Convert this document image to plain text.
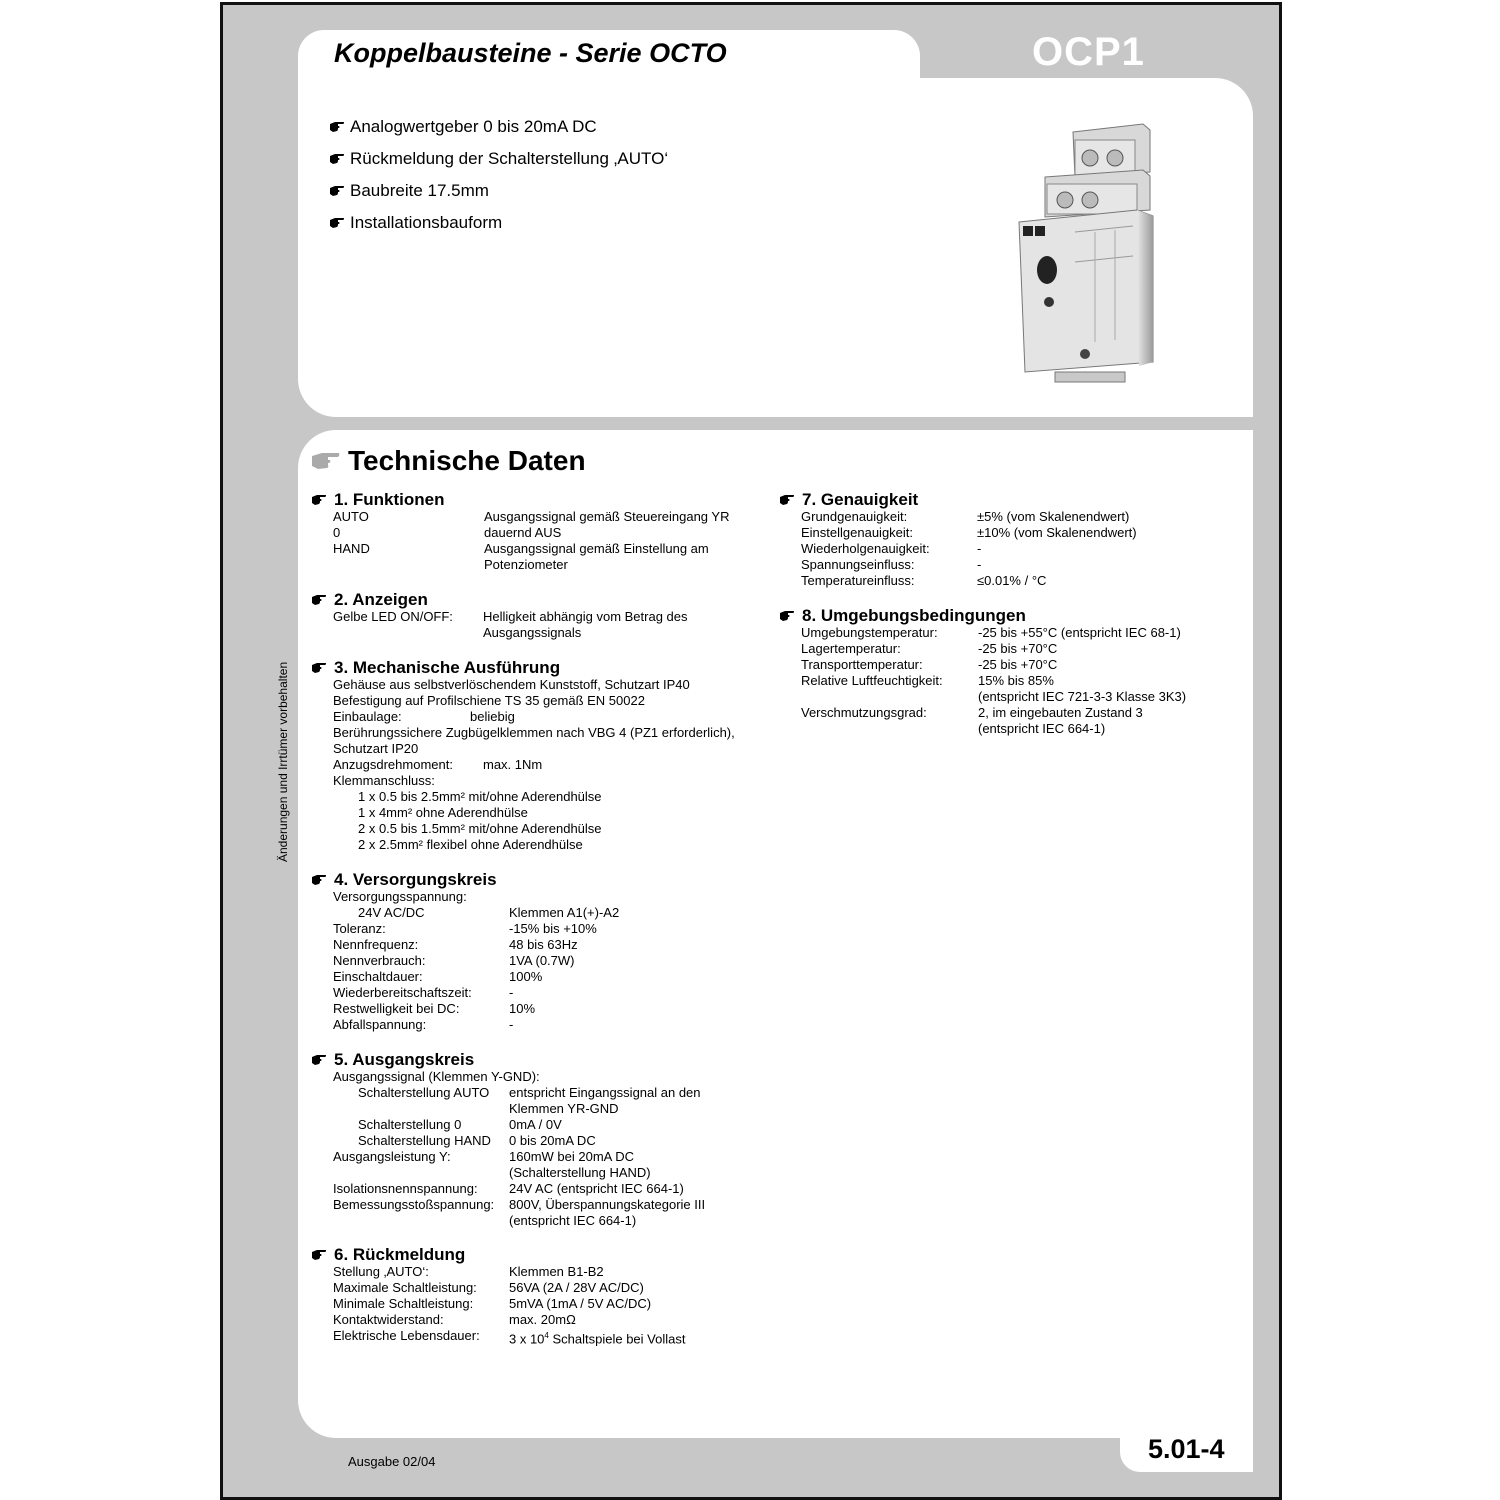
Koppelbausteine - Serie OCTO	OCP1
Analogwertgeber 0 bis 20mA DC
Rückmeldung der Schalterstellung ‚AUTO‘
Baubreite 17.5mm
Installationsbauform
Technische Daten
1. Funktionen
AUTO	Ausgangssignal gemäß Steuereingang YR
0	dauernd AUS
HAND	Ausgangssignal gemäß Einstellung am
Potenziometer
2. Anzeigen
Gelbe LED ON/OFF:	Helligkeit abhängig vom Betrag des
Ausgangssignals
3. Mechanische Ausführung
Gehäuse aus selbstverlöschendem Kunststoff, Schutzart IP40
Befestigung auf Profilschiene TS 35 gemäß EN 50022
Einbaulage:	beliebig
Berührungssichere Zugbügelklemmen nach VBG 4 (PZ1 erforderlich),
Schutzart IP20
Anzugsdrehmoment:	max. 1Nm
Klemmanschluss:
1 x 0.5 bis 2.5mm² mit/ohne Aderendhülse
1 x 4mm² ohne Aderendhülse
2 x 0.5 bis 1.5mm² mit/ohne Aderendhülse
2 x 2.5mm² flexibel ohne Aderendhülse
4. Versorgungskreis
Versorgungsspannung:
24V AC/DC	Klemmen A1(+)-A2
Toleranz:	-15% bis +10%
Nennfrequenz:	48 bis 63Hz
Nennverbrauch:	1VA (0.7W)
Einschaltdauer:	100%
Wiederbereitschaftszeit:	-
Restwelligkeit bei DC:	10%
Abfallspannung:	-
5. Ausgangskreis
Ausgangssignal (Klemmen Y-GND):
Schalterstellung AUTO	entspricht Eingangssignal an den
Klemmen YR-GND
Schalterstellung 0	0mA / 0V
Schalterstellung HAND	0 bis 20mA DC
Ausgangsleistung Y:	160mW bei 20mA DC
(Schalterstellung HAND)
Isolationsnennspannung:	24V AC (entspricht IEC 664-1)
Bemessungsstoßspannung:	800V, Überspannungskategorie III
(entspricht IEC 664-1)
6. Rückmeldung
Stellung ‚AUTO‘:	Klemmen B1-B2
Maximale Schaltleistung:	56VA (2A / 28V AC/DC)
Minimale Schaltleistung:	5mVA (1mA / 5V AC/DC)
Kontaktwiderstand:	max. 20mΩ
Elektrische Lebensdauer:	3 x $10^4$ Schaltspiele bei Vollast
7. Genauigkeit
Grundgenauigkeit:	±5% (vom Skalenendwert)
Einstellgenauigkeit:	±10% (vom Skalenendwert)
Wiederholgenauigkeit:	-
Spannungseinfluss:	-
Temperatureinfluss:	≤0.01% / °C
8. Umgebungsbedingungen
Umgebungstemperatur:	-25 bis +55°C (entspricht IEC 68-1)
Lagertemperatur:	-25 bis +70°C
Transporttemperatur:	-25 bis +70°C
Relative Luftfeuchtigkeit:	15% bis 85%
(entspricht IEC 721-3-3 Klasse 3K3)
Verschmutzungsgrad:	2, im eingebauten Zustand 3
(entspricht IEC 664-1)
Änderungen und Irrtümer vorbehalten
Ausgabe 02/04	5.01-4
